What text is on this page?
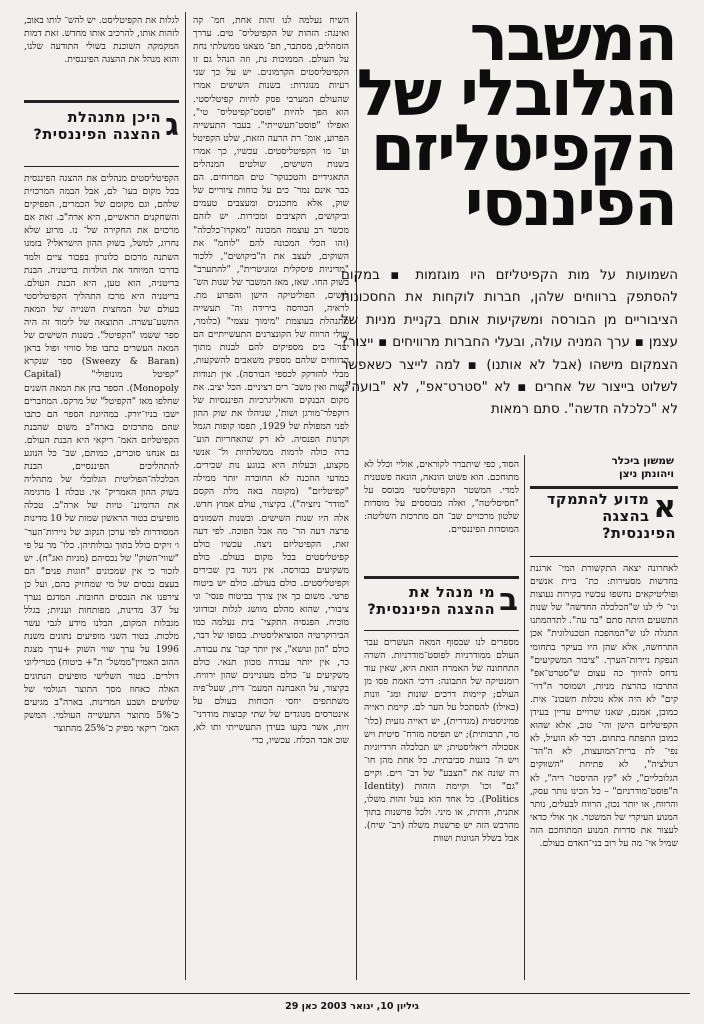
המשבר
הגלובלי של
הקפיטליזם
הפיננסי
השמועות על מות הקפיטליזם היו מוגזמות ▪ במקום להסתפק ברווחים שלהן, חברות לוקחות את החסכונות הציבוריים מן הבורסה ומשקיעות אותם בקניית מניות של עצמן ▪ ערך המניה עולה, ובעלי החברות מרוויחים ▪ ייצור? הצמקום מישהו (אבל לא אותנו) ▪ למה לייצר כשאפשר לשלוט בייצור של אחרים ▪ לא "סטרט־אפ", לא "בועה", לא "כלכלה חדשה". סתם רמאות
שמשון ביכלר
ויהונתן ניצן
א
מדוע להתמקד בהצגה הפיננסית?

לאחרונה יצאה התקשורת המי־ ארגנת בחדשות מסעירות: כת־ ביית אנשים ופוליטיקאים נחשפו עכשיו בקירות נעוצות וני־ לי לנו ש"הכלכלה החדשה" של שנות התשעים היתה סתם "בר עה". לתדהמתנו התגלה לנו ש"המהפכה הטכנולוגית" אכן התרחשה, אלא שהן היו בעיקר בתחומי הנפקת ניירות־הערך. "ציבור המשקיעים" נדחס להיווך כה עצום ש"סטרט־אפ" התרבזו בהרצת מניות, ושמוסר ה"דוי־ קים" לא היה אלא נוכלות חשבונ־ אית. כמובן, אמנם, שאנו שרויים עדיין בעידן הקפיטליזם הישן והי־ טוב, אלא שהוא כמובן התפתח בתחום. דבר לא הועיל, לא נפי־ לת ברית־המועצות, לא ה"הד־ רגולציה", לא פתיחת "השווקים הגלובליים", לא "קץ ההיסטו־ ריה", לא ה"פוסט־מודרניזם" – כל הכינו נותר עסק, והרווח, או יותר נכון, הרווח לבעלים, נותר המנוע העיקרי של המשטר. אך אולי כדאי לעצור את סדרות המנוע המתוחכם הזה שמיל אי־ מה על רוב בני־האדם בעולם.

הסוד, כפי שיתברר לקוראים, אוליי וכלל לא מתוחכם. הוא פשוט הונאה, הונאה פשטנית למדי. המשטר הקפיטליסטי מבוסס על "חסיסליטה", ואלה מבוססים על מוסדות שלטון מרכזיים שב־ הם מתרכזת השליטה: המוסדות הפיננסיים.

ב
מי מנהל את ההצגה הפיננסית?

מספרים לנו שבסוף המאה העשרים עבר העולם ממודרניות לפוסט־מודרניות. השרה התחתונה של האמרה הזאת היא, שאין עוד רומנטיקה של התבונה: דרכי האמת פסו מן העולם; קיימות דרכים שונות ומג־ וונות (כאילו) להסתכל על הער לם. קיימת ראייה פמיניסטית (מגדרית), יש ראייה גזעית (כלו־ מר, תרבותית); יש תפיסה מזרח־ סיטית ויש אסכולה ריאליסטית; יש תכלכלה חרדיוניות ויש ה־ בוננות סביבתית. כל אחת מהן חו־ רה שונה את "הצבע" של דב־ רים. וקיים "גם" וכו' וקיימת הזהות (Identity Politics). כל אחד הוא בעל זהות משלו, אתנית, ודתית, או מיני. ולכל פרשנות בתוך מהרבש הזה יש פרשנות משלה (רב־ שיח). אבל בשלל הגוונות ושוות

השיח נעלמה לנו זהות אחת, חמ־ קה ואינגה: הזהות של הקפיטליס־ טים. עדרך הזמהלים, מסתבר, תפ־ מצאנו ממשלתי נחת על העולם. הממוכות נת, וזה הנהל גם זו הקפיטליסטים הקרמונים. יש על כך שני רעיות מנוגדות: בשנות השישים אמרו שהעולם המערבי פסק להיות קפיטליסטי. הוא הפך להיות "פוסט־קפיטליס־ טי", ואפילו "פוסט־תעשייתי". בעבר התעשייה הפרוע, אומ־ רת הרעה הזאת, שלט הקפיטל וע־ מו הקפיטליסטים. עכשיו, כך אמרו בשנות השישים, שולטים המנהלים התאגידיים והטכנוקר־ טים המרוחים. הם כבר אינם נמר־ כים על כוחות ציוריים של שוק, אלא מתכננים ומעצבים טעמים וביקושים, תקציבים ומכירות. יש לזהם מכשר רב עוצמה המכונה "מאקרו־כלכלה" (זהו הכלי המכונה להם "לוחמ" את השוקים, לעצב את ה"ביקושים", ללכוד "מדיניות פיסקלית ומוניטרית", "להתערב" בשוק החו. שאז, מאז המשבר של שנות הש־ לושים, הפוליטיקה הישן והפרוע מת. לראיה, הבורסה בירידה וה־ תעשייה מתנהלת בעוצמת "מימוך עצמי" (כלומר, שולי הרווח של הקונצרנים התעשייתיים הם יצר־ בים מספיקים להם לבנות מתוך הרווחים שלהם מספיק משאבים להשקעות, מבלי להזדקק לכספי הבורסה). אין תנודות קשות ואין משב־ רים רציניים. הכל יציב. את מקום הבנקים והאוליגרכיות הפיננסיות של רוקפלר־מורגן ושות', שניהלו את שוק ההון לפני המפולת של 1929, תפסו קופות הגמל וקרנות הפנסיה. לא רק שהאחריות הוע־ ברה כולה לרמות ממשלתיות ול־ אנשי מקצוע, ובעלות היא בנוגע נות שכירים. כמדעי ההכנה לא החוברה יותר ממילה "קפיטליזם" (מקומה באה מלת הקסם "מודר־ ניזציה"). בקיצור, עולם אמוץ חדש. אלה היו שנות השישים. ובשנות השמונים פרצה דעה הר־ מה אבל הפוכה. לפי דעה זאת, הקפיטליזם ניצח. עכשיו כולם קפיטליסטים בכל מקום בעולם. כולם משקיעים בבורסה. אין ניגוד בין שכירים וקפיטליסטים. כולם בעולם. כולם יש ביטוח פרטי. משום כך אין צורך בביטוח פנסי־ וני ציבורי, שהוא מהלם מוושג לגלות ובודווני מוכיח. הפנסיה התקצי־ בית נעלמה כמו הבירוקרטיה הסוציאליסטית. בסופו של דבר, כולם "הון ונושא", אין יותר קבו־ צת עבודה. כר, אין יותר עבודה מכוון תנאי. כולם משקיעים ע־ כולם מעוניינים שהון ירוויח. בקיצור, על האבחנה המעמ־ דית, שעל־פיה משתתפים יחסי הכוחות בעולם על אינטרסים מנוגדים של שתי קבוצות מודרני־ זיות, אשר בקעו בעידן התעשייתי ותו לא, שוב אבד הכלח. עכשיו, כדי

לגלות את הקפיטליסט. יש להש־ לותו באוב, לזהות אותו, להרכיב אותו מחדש. זאת דמות המקמקה השוכנת בשולי התודעה שלנו, והוא מנהל את ההצגה הפיננסית.

ג
היכן מתנהלת ההצגה הפיננסית?

הקפיטליסטים מנהלים את ההצגה הפיננסית בכל מקום בעו־ לם, אבל הבמה המרכזית שלהם, וגם מקומם של הכמרים, הפפיקים והשחקנים הראשיים, היא ארה"ב. זאת אם מרכזים את החקירה של־ נו. מרוע שלא נחרוג, למשל, בשוק ההון הישראלי? בזמנו השתנה מרכזם כלונרון בפכור ציים ולמד בדרכו המיוחד את הולדות בריטניה. הבנת בריטניה, הוא טען, היא הבנת העולם. בריטניה היא מרכז התהליך הקפיטליסטי בעולם של המחצית השנייה של המאה התשע־עשרה. התוצאה של לימוד זה היה ספר ששמו "הקפיטל". בשנות השישים של המאה העשרים כתבו פול סוויזי ופול בראן (Sweezy & Baran) ספר שנקרא "קפיטל מונופולי" (Capital Monopoly). הספר בחן את המאה השנים שחלפו מאז "הקפיטל" של מרקס. המחברים ישבו בניו־יורק. במהיונת הספר הם כתבו שהם מתרכזים בארה"ב משום שהבנת הקפיטליזם האמ־ ריקאי היא הבנת העולם. גם אנחנו סוברים, כמותם, שב־ כל הנוגע להתהליכים הפיננסיים, הבנת הכלכלה־הפוליטית הגלובלי של מתהליה בשוק ההון האמריק־ אי. טבלה 1 מדגימה את הדומיננ־ טיות של ארה"ב. טבלה מופיעים בטור הראשון שמות של 10 מדינות המסודרות לפי ערכן הנקוב של ניירות־הער־ ו׳ זיקים כולל בתוך גבולותיהן. כלו־ מר על פי "שווי־השוק" של נכסיהם (מניות ואג"ח). יש לזכור כי אין שמכונים "חוגות פנים" הם בעצם נכסים של מי שמחזיק בהם, ועל כן צירפנו את הנכסים החובות. המדגם נערך על 37 מדינות, מפותחות ועניות; בגלל מגבלות המקום, הבלנו מידע לגבי עשר מלכות. בטור השני מופיעים נתונים משנת 1996 על ערך שווי השוק +ערך מצגת ההוב האמיין"ממשל־ ת"+ ביטוח) בטריליוני דולרים. בטור השלישי מופיעים הנתונים האלה כאחוז מסך התוצר הגולמי של שלושים ושבע המדינות. בארה"ב מגיעים כ־5% מתוצר התעשייה העולמי. המשק האמ־ ריקאי מפיק כ־25% מהתוצר

גיליון 10, ינואר 2003 כאן 29
